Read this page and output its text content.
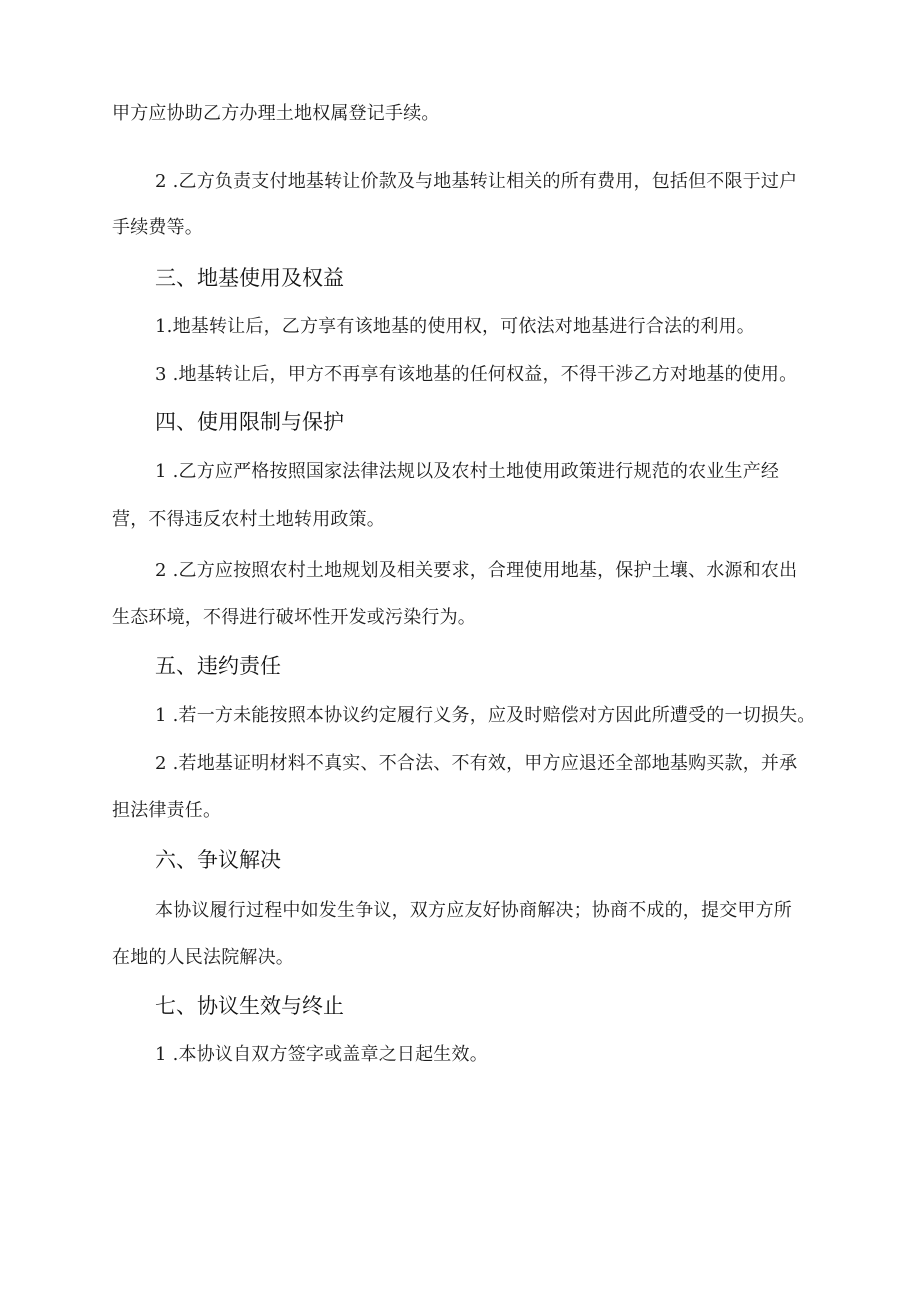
甲方应协助乙方办理土地权属登记手续。
2 .乙方负责支付地基转让价款及与地基转让相关的所有费用，包括但不限于过户
手续费等。
三、地基使用及权益
1.地基转让后，乙方享有该地基的使用权，可依法对地基进行合法的利用。
3 .地基转让后，甲方不再享有该地基的任何权益，不得干涉乙方对地基的使用。
四、使用限制与保护
1 .乙方应严格按照国家法律法规以及农村土地使用政策进行规范的农业生产经
营，不得违反农村土地转用政策。
2 .乙方应按照农村土地规划及相关要求，合理使用地基，保护土壤、水源和农出
生态环境，不得进行破坏性开发或污染行为。
五、违约责任
1 .若一方未能按照本协议约定履行义务，应及时赔偿对方因此所遭受的一切损失。
2 .若地基证明材料不真实、不合法、不有效，甲方应退还全部地基购买款，并承
担法律责任。
六、争议解决
本协议履行过程中如发生争议，双方应友好协商解决；协商不成的，提交甲方所
在地的人民法院解决。
七、协议生效与终止
1 .本协议自双方签字或盖章之日起生效。
